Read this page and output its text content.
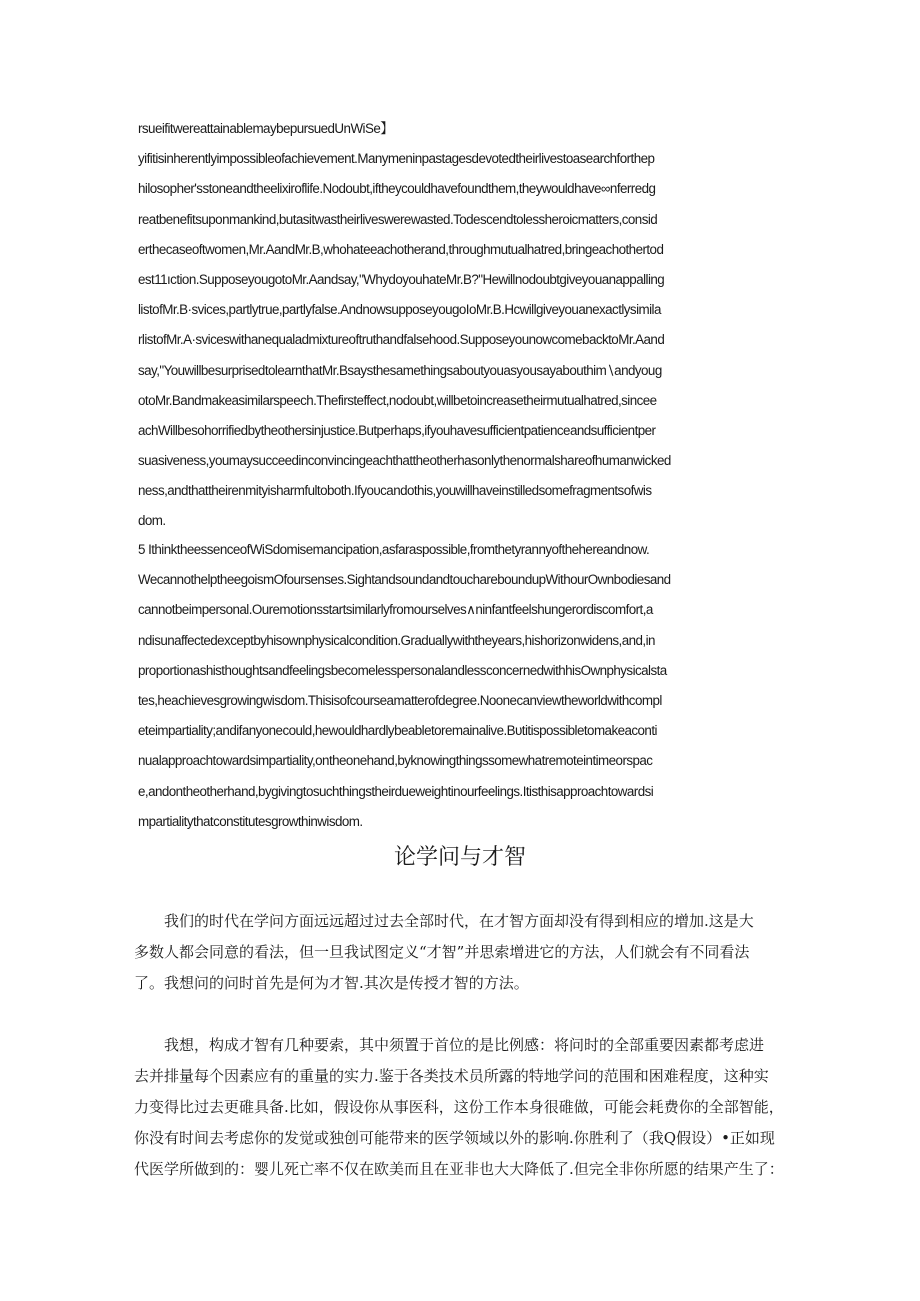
rsueifitwereattainablemaybepursuedUnWiSe】
yifitisinherentlyimpossibleofachievement.Manymeninpastagesdevotedtheirlivestoasearchforthep
hilosopher'sstoneandtheelixiroflife.Nodoubt,iftheycouldhavefoundthem,theywouldhave∞nferredg
reatbenefitsuponmankind,butasitwastheirliveswerewasted.Todescendtolessheroicmatters,consid
erthecaseoftwomen,Mr.AandMr.B,whohateeachotherand,throughmutualhatred,bringeachothertod
est11ıction.SupposeyougotoMr.Aandsay,"WhydoyouhateMr.B?"Hewillnodoubtgiveyouanappalling
listofMr.B·svices,partlytrue,partlyfalse.AndnowsupposeyougoIoMr.B.Hcwillgiveyouanexactlysimila
rlistofMr.A·sviceswithanequaladmixtureoftruthandfalsehood.SupposeyounowcomebacktoMr.Aand
say,"YouwillbesurprisedtolearnthatMr.Bsaysthesamethingsaboutyouasyousayabouthim∖andyoug
otoMr.Bandmakeasimilarspeech.Thefirsteffect,nodoubt,willbetoincreasetheirmutualhatred,sincee
achWillbesohorrifiedbytheothersinjustice.Butperhaps,ifyouhavesufficientpatienceandsufficientper
suasiveness,youmaysucceedinconvincingeachthattheotherhasonlythenormalshareofhumanwicked
ness,andthattheirenmityisharmfultoboth.Ifyoυcandothis,youwillhaveinstilledsomefragmentsofwis
dom.
5 IthinktheessenceofWiSdomisemancipation,asfaraspossible,fromthetyrannyofthehereandnow.
WecannothelptheegoismOfoursenses.SightandsoundandtouchareboundupWithourOwnbodiesand
cannotbeimpersonal.Ouremotionsstartsimilarlyfromourselves∧ninfantfeelshungerordiscomfort,a
ndisunaffectedexceptbyhisownphysicalcondition.Graduallywiththeyears,hishorizonwidens,and,in
proportionashisthoughtsandfeelingsbecomelesspersonalandlessconcernedwithhisOwnphysicalsta
tes,heachievesgrowingwisdom.Thisisofcourseamatterofdegree.Noonecanviewtheworldwithcompl
eteimpartiality;andifanyonecould,hewouldhardlybeabletoremainalive.Bυtitispossibletomakeaconti
nualapproachtowardsimpartiality,ontheonehand,byknowingthingssomewhatremoteintimeorspac
e,andontheotherhand,bygivingtosuchthingstheirdueweightinourfeelings.Itisthisapproachtowardsi
mpartialitythatconstitutesgrowthinwisdom.
论学问与才智
　　我们的时代在学问方面远远超过过去全部时代，在才智方面却没有得到相应的增加.这是大
多数人都会同意的看法，但一旦我试图定义“才智”并思索增进它的方法，人们就会有不同看法
了。我想问的问时首先是何为才智.其次是传授才智的方法。
　　我想，构成才智有几种要索，其中须置于首位的是比例感：将问时的全部重要因素都考虑进
去并排量每个因素应有的重量的实力.鉴于各类技术员所露的特地学问的范围和困难程度，这种实
力变得比过去更碓具备.比如，假设你从事医科，这份工作本身很碓做，可能会耗费你的全部智能，
你没有时间去考虑你的发觉或独创可能带来的医学领域以外的影响.你胜利了（我Q假设）•正如现
代医学所做到的：婴儿死亡率不仅在欧美而且在亚非也大大降低了.但完全非你所愿的结果产生了：
